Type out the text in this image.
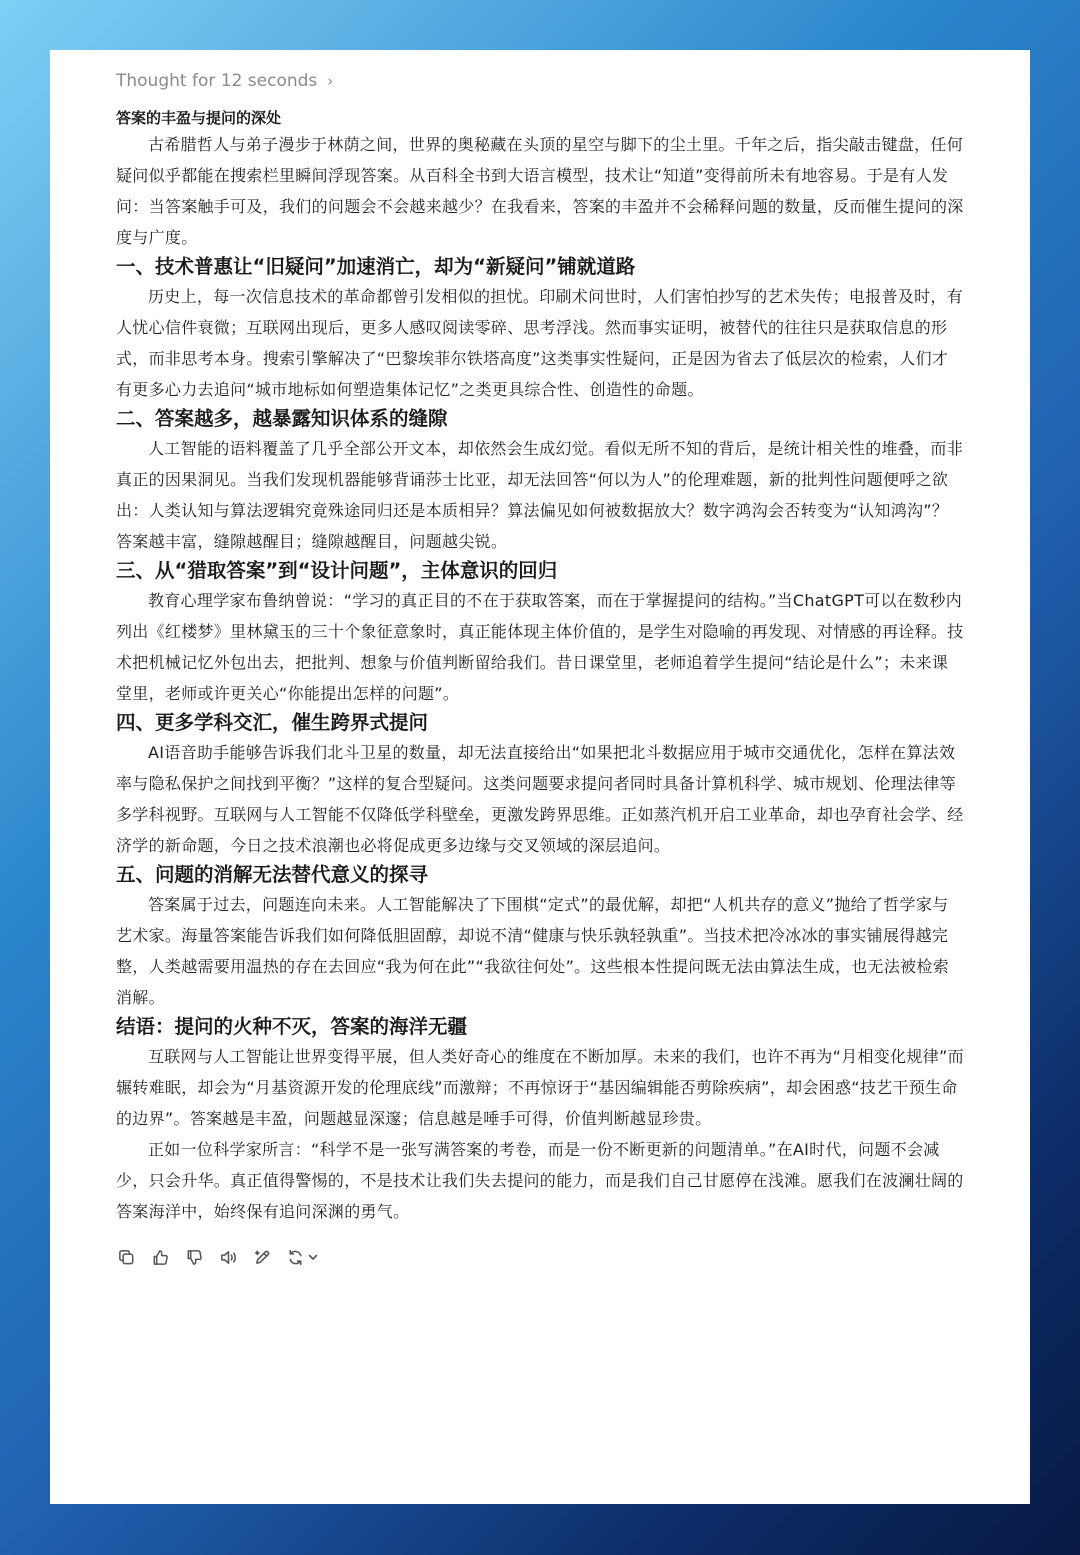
Thought for 12 seconds ›
答案的丰盈与提问的深处

古希腊哲人与弟子漫步于林荫之间，世界的奥秘藏在头顶的星空与脚下的尘土里。千年之后，指尖敲击键盘，任何疑问似乎都能在搜索栏里瞬间浮现答案。从百科全书到大语言模型，技术让“知道”变得前所未有地容易。于是有人发问：当答案触手可及，我们的问题会不会越来越少？在我看来，答案的丰盈并不会稀释问题的数量，反而催生提问的深度与广度。

一、技术普惠让“旧疑问”加速消亡，却为“新疑问”铺就道路

历史上，每一次信息技术的革命都曾引发相似的担忧。印刷术问世时，人们害怕抄写的艺术失传；电报普及时，有人忧心信件衰微；互联网出现后，更多人感叹阅读零碎、思考浮浅。然而事实证明，被替代的往往只是获取信息的形式，而非思考本身。搜索引擎解决了“巴黎埃菲尔铁塔高度”这类事实性疑问，正是因为省去了低层次的检索，人们才有更多心力去追问“城市地标如何塑造集体记忆”之类更具综合性、创造性的命题。

二、答案越多，越暴露知识体系的缝隙

人工智能的语料覆盖了几乎全部公开文本，却依然会生成幻觉。看似无所不知的背后，是统计相关性的堆叠，而非真正的因果洞见。当我们发现机器能够背诵莎士比亚，却无法回答“何以为人”的伦理难题，新的批判性问题便呼之欲出：人类认知与算法逻辑究竟殊途同归还是本质相异？算法偏见如何被数据放大？数字鸿沟会否转变为“认知鸿沟”？答案越丰富，缝隙越醒目；缝隙越醒目，问题越尖锐。

三、从“猎取答案”到“设计问题”，主体意识的回归

教育心理学家布鲁纳曾说：“学习的真正目的不在于获取答案，而在于掌握提问的结构。”当ChatGPT可以在数秒内列出《红楼梦》里林黛玉的三十个象征意象时，真正能体现主体价值的，是学生对隐喻的再发现、对情感的再诠释。技术把机械记忆外包出去，把批判、想象与价值判断留给我们。昔日课堂里，老师追着学生提问“结论是什么”；未来课堂里，老师或许更关心“你能提出怎样的问题”。

四、更多学科交汇，催生跨界式提问

AI语音助手能够告诉我们北斗卫星的数量，却无法直接给出“如果把北斗数据应用于城市交通优化，怎样在算法效率与隐私保护之间找到平衡？”这样的复合型疑问。这类问题要求提问者同时具备计算机科学、城市规划、伦理法律等多学科视野。互联网与人工智能不仅降低学科壁垒，更激发跨界思维。正如蒸汽机开启工业革命，却也孕育社会学、经济学的新命题，今日之技术浪潮也必将促成更多边缘与交叉领域的深层追问。

五、问题的消解无法替代意义的探寻

答案属于过去，问题连向未来。人工智能解决了下围棋“定式”的最优解，却把“人机共存的意义”抛给了哲学家与艺术家。海量答案能告诉我们如何降低胆固醇，却说不清“健康与快乐孰轻孰重”。当技术把冷冰冰的事实铺展得越完整，人类越需要用温热的存在去回应“我为何在此”“我欲往何处”。这些根本性提问既无法由算法生成，也无法被检索消解。

结语：提问的火种不灭，答案的海洋无疆

互联网与人工智能让世界变得平展，但人类好奇心的维度在不断加厚。未来的我们，也许不再为“月相变化规律”而辗转难眠，却会为“月基资源开发的伦理底线”而激辩；不再惊讶于“基因编辑能否剪除疾病”，却会困惑“技艺干预生命的边界”。答案越是丰盈，问题越显深邃；信息越是唾手可得，价值判断越显珍贵。

正如一位科学家所言：“科学不是一张写满答案的考卷，而是一份不断更新的问题清单。”在AI时代，问题不会减少，只会升华。真正值得警惕的，不是技术让我们失去提问的能力，而是我们自己甘愿停在浅滩。愿我们在波澜壮阔的答案海洋中，始终保有追问深渊的勇气。
